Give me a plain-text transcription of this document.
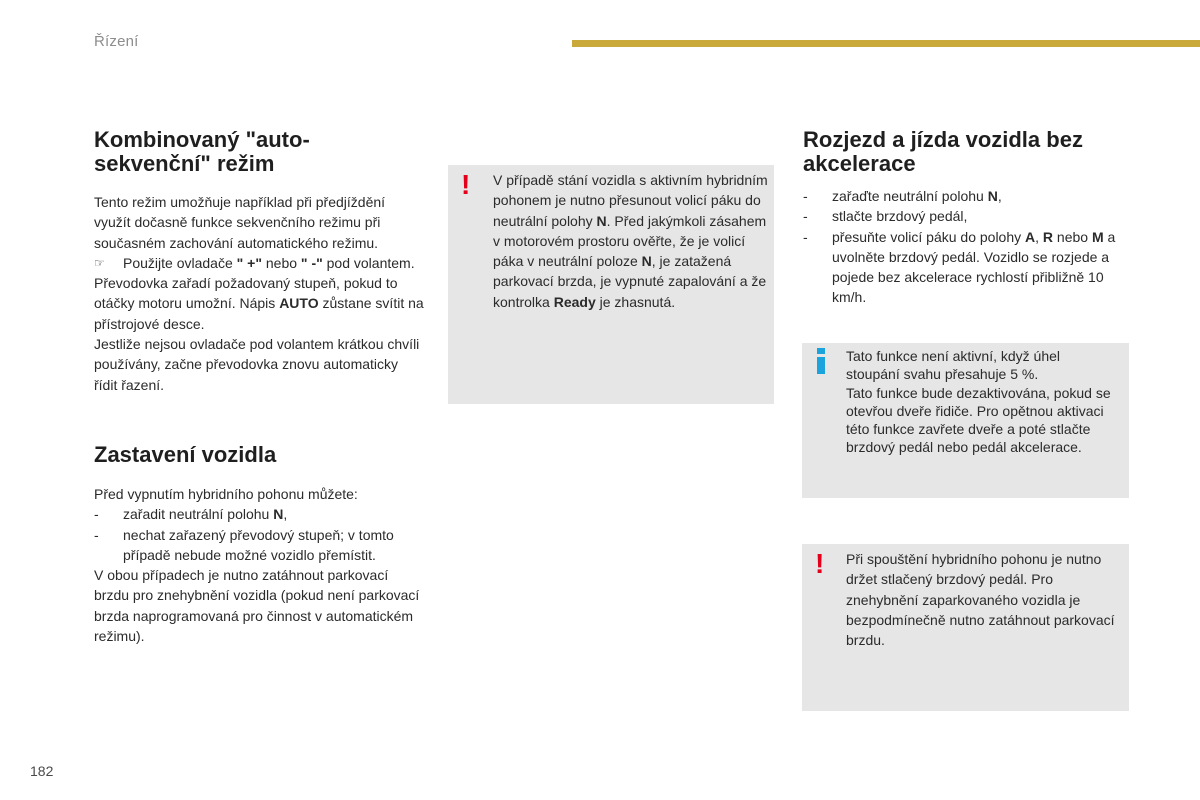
Řízení
Kombinovaný "auto-sekvenční" režim

Tento režim umožňuje například při předjíždění využít dočasně funkce sekvenčního režimu při současném zachování automatického režimu.

☞ Použijte ovladače " +" nebo " -" pod volantem.

Převodovka zařadí požadovaný stupeň, pokud to otáčky motoru umožní. Nápis AUTO zůstane svítit na přístrojové desce.

Jestliže nejsou ovladače pod volantem krátkou chvíli používány, začne převodovka znovu automaticky řídit řazení.

Zastavení vozidla

Před vypnutím hybridního pohonu můžete:

- zařadit neutrální polohu N,
- nechat zařazený převodový stupeň; v tomto případě nebude možné vozidlo přemístit.

V obou případech je nutno zatáhnout parkovací brzdu pro znehybnění vozidla (pokud není parkovací brzda naprogramovaná pro činnost v automatickém režimu).

! V případě stání vozidla s aktivním hybridním pohonem je nutno přesunout volicí páku do neutrální polohy N. Před jakýmkoli zásahem v motorovém prostoru ověřte, že je volicí páka v neutrální poloze N, je zatažená parkovací brzda, je vypnuté zapalování a že kontrolka Ready je zhasnutá.
Rozjezd a jízda vozidla bez akcelerace
- zařaďte neutrální polohu N,
- stlačte brzdový pedál,
- přesuňte volicí páku do polohy A, R nebo M a uvolněte brzdový pedál. Vozidlo se rozjede a pojede bez akcelerace rychlostí přibližně 10 km/h.
Tato funkce není aktivní, když úhel stoupání svahu přesahuje 5 %.
Tato funkce bude dezaktivována, pokud se otevřou dveře řidiče. Pro opětnou aktivaci této funkce zavřete dveře a poté stlačte brzdový pedál nebo pedál akcelerace.
! Při spouštění hybridního pohonu je nutno držet stlačený brzdový pedál. Pro znehybnění zaparkovaného vozidla je bezpodmínečně nutno zatáhnout parkovací brzdu.
182
